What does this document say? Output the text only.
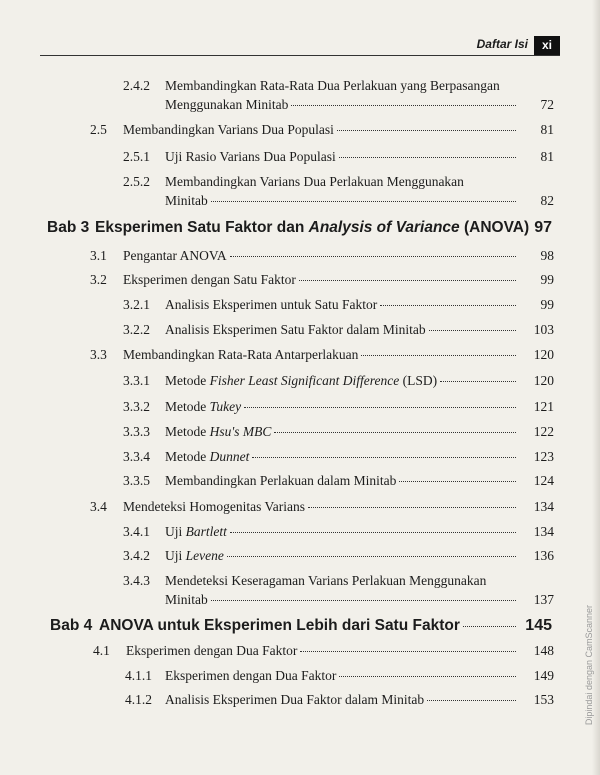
Daftar Isi	xi
2.4.2 Membandingkan Rata-Rata Dua Perlakuan yang Berpasangan
Menggunakan Minitab	72
2.5 Membandingkan Varians Dua Populasi	81
2.5.1 Uji Rasio Varians Dua Populasi	81
2.5.2 Membandingkan Varians Dua Perlakuan Menggunakan
Minitab	82
Bab 3 Eksperimen Satu Faktor dan Analysis of Variance (ANOVA) 97
3.1 Pengantar ANOVA	98
3.2 Eksperimen dengan Satu Faktor	99
3.2.1 Analisis Eksperimen untuk Satu Faktor	99
3.2.2 Analisis Eksperimen Satu Faktor dalam Minitab	103
3.3 Membandingkan Rata-Rata Antarperlakuan	120
3.3.1 Metode Fisher Least Significant Difference (LSD)	120
3.3.2 Metode Tukey	121
3.3.3 Metode Hsu's MBC	122
3.3.4 Metode Dunnet	123
3.3.5 Membandingkan Perlakuan dalam Minitab	124
3.4 Mendeteksi Homogenitas Varians	134
3.4.1 Uji Bartlett	134
3.4.2 Uji Levene	136
3.4.3 Mendeteksi Keseragaman Varians Perlakuan Menggunakan
Minitab	137
Bab 4 ANOVA untuk Eksperimen Lebih dari Satu Faktor	145
4.1 Eksperimen dengan Dua Faktor	148
4.1.1 Eksperimen dengan Dua Faktor	149
4.1.2 Analisis Eksperimen Dua Faktor dalam Minitab	153	Dipindai dengan CamScanner
